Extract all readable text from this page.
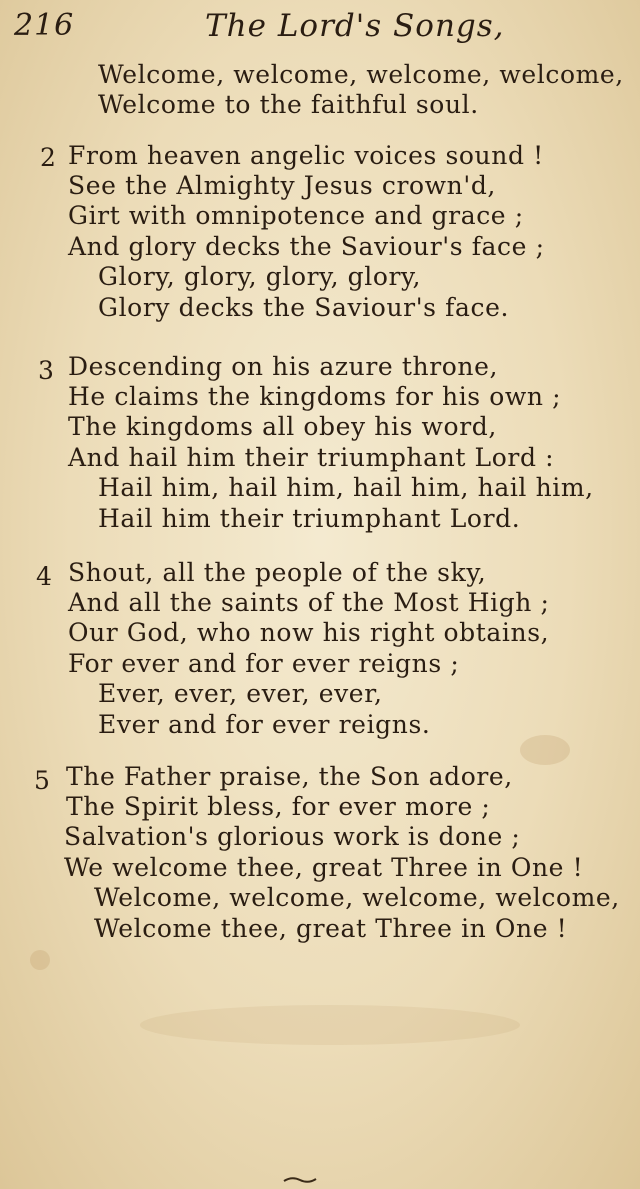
216	The Lord's Songs,
Welcome, welcome, welcome, welcome,
Welcome to the faithful soul.
2 From heaven angelic voices sound !
See the Almighty Jesus crown'd,
Girt with omnipotence and grace ;
And glory decks the Saviour's face ;
Glory, glory, glory, glory,
Glory decks the Saviour's face.
3 Descending on his azure throne,
He claims the kingdoms for his own ;
The kingdoms all obey his word,
And hail him their triumphant Lord :
Hail him, hail him, hail him, hail him,
Hail him their triumphant Lord.
4 Shout, all the people of the sky,
And all the saints of the Most High ;
Our God, who now his right obtains,
For ever and for ever reigns ;
Ever, ever, ever, ever,
Ever and for ever reigns.
5 The Father praise, the Son adore,
The Spirit bless, for ever more ;
Salvation's glorious work is done ;
We welcome thee, great Three in One !
Welcome, welcome, welcome, welcome,
Welcome thee, great Three in One !
